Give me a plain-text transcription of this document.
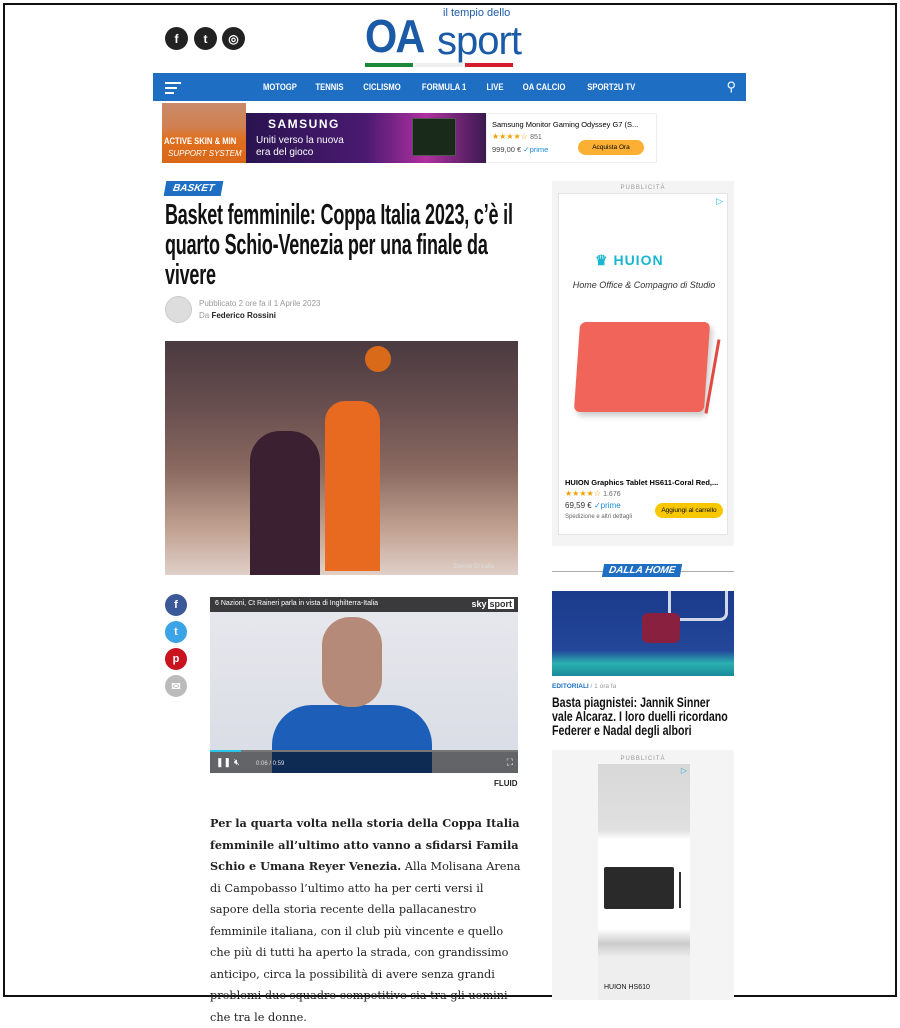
f	t	◎	OA il tempio dello
sport
MOTOGP TENNIS CICLISMO FORMULA 1 LIVE OA CALCIO SPORT2U TV	⚲
ACTIVE SKIN & MIN
SUPPORT SYSTEM
SAMSUNG
Uniti verso la nuova
era del gioco
Samsung Monitor Gaming Odyssey G7 (S...
★★★★☆ 851
999,00 € ✓prime	Acquista Ora
BASKET
Basket femminile: Coppa Italia 2023, c’è il quarto Schio-Venezia per una finale da vivere
Pubblicato 2 ore fa il 1 Aprile 2023
Da Federico Rossini
Davide Di Lalla
f
t
p
✉
6 Nazioni, Ct Raineri parla in vista di Inghilterra-Italia	sky sport
❚❚ 🔇︎	0:06 / 0:59	⛶
FLUID

Per la quarta volta nella storia della Coppa Italia femminile all’ultimo atto vanno a sfidarsi Famila Schio e Umana Reyer Venezia. Alla Molisana Arena di Campobasso l’ultimo atto ha per certi versi il sapore della storia recente della pallacanestro femminile italiana, con il club più vincente e quello che più di tutti ha aperto la strada, con grandissimo anticipo, circa la possibilità di avere senza grandi problemi due squadre competitive sia tra gli uomini che tra le donne.

PUBBLICITÀ
▷
♛ HUION
Home Office & Compagno di Studio
HUION Graphics Tablet HS611-Coral Red,...
★★★★☆ 1.676
69,59 € ✓prime
Spedizione e altri dettagli
Aggiungi al carrello
DALLA HOME
EDITORIALI / 1 ora fa
Basta piagnistei: Jannik Sinner vale Alcaraz. I loro duelli ricordano Federer e Nadal degli albori
PUBBLICITÀ
▷
HUION HS610
